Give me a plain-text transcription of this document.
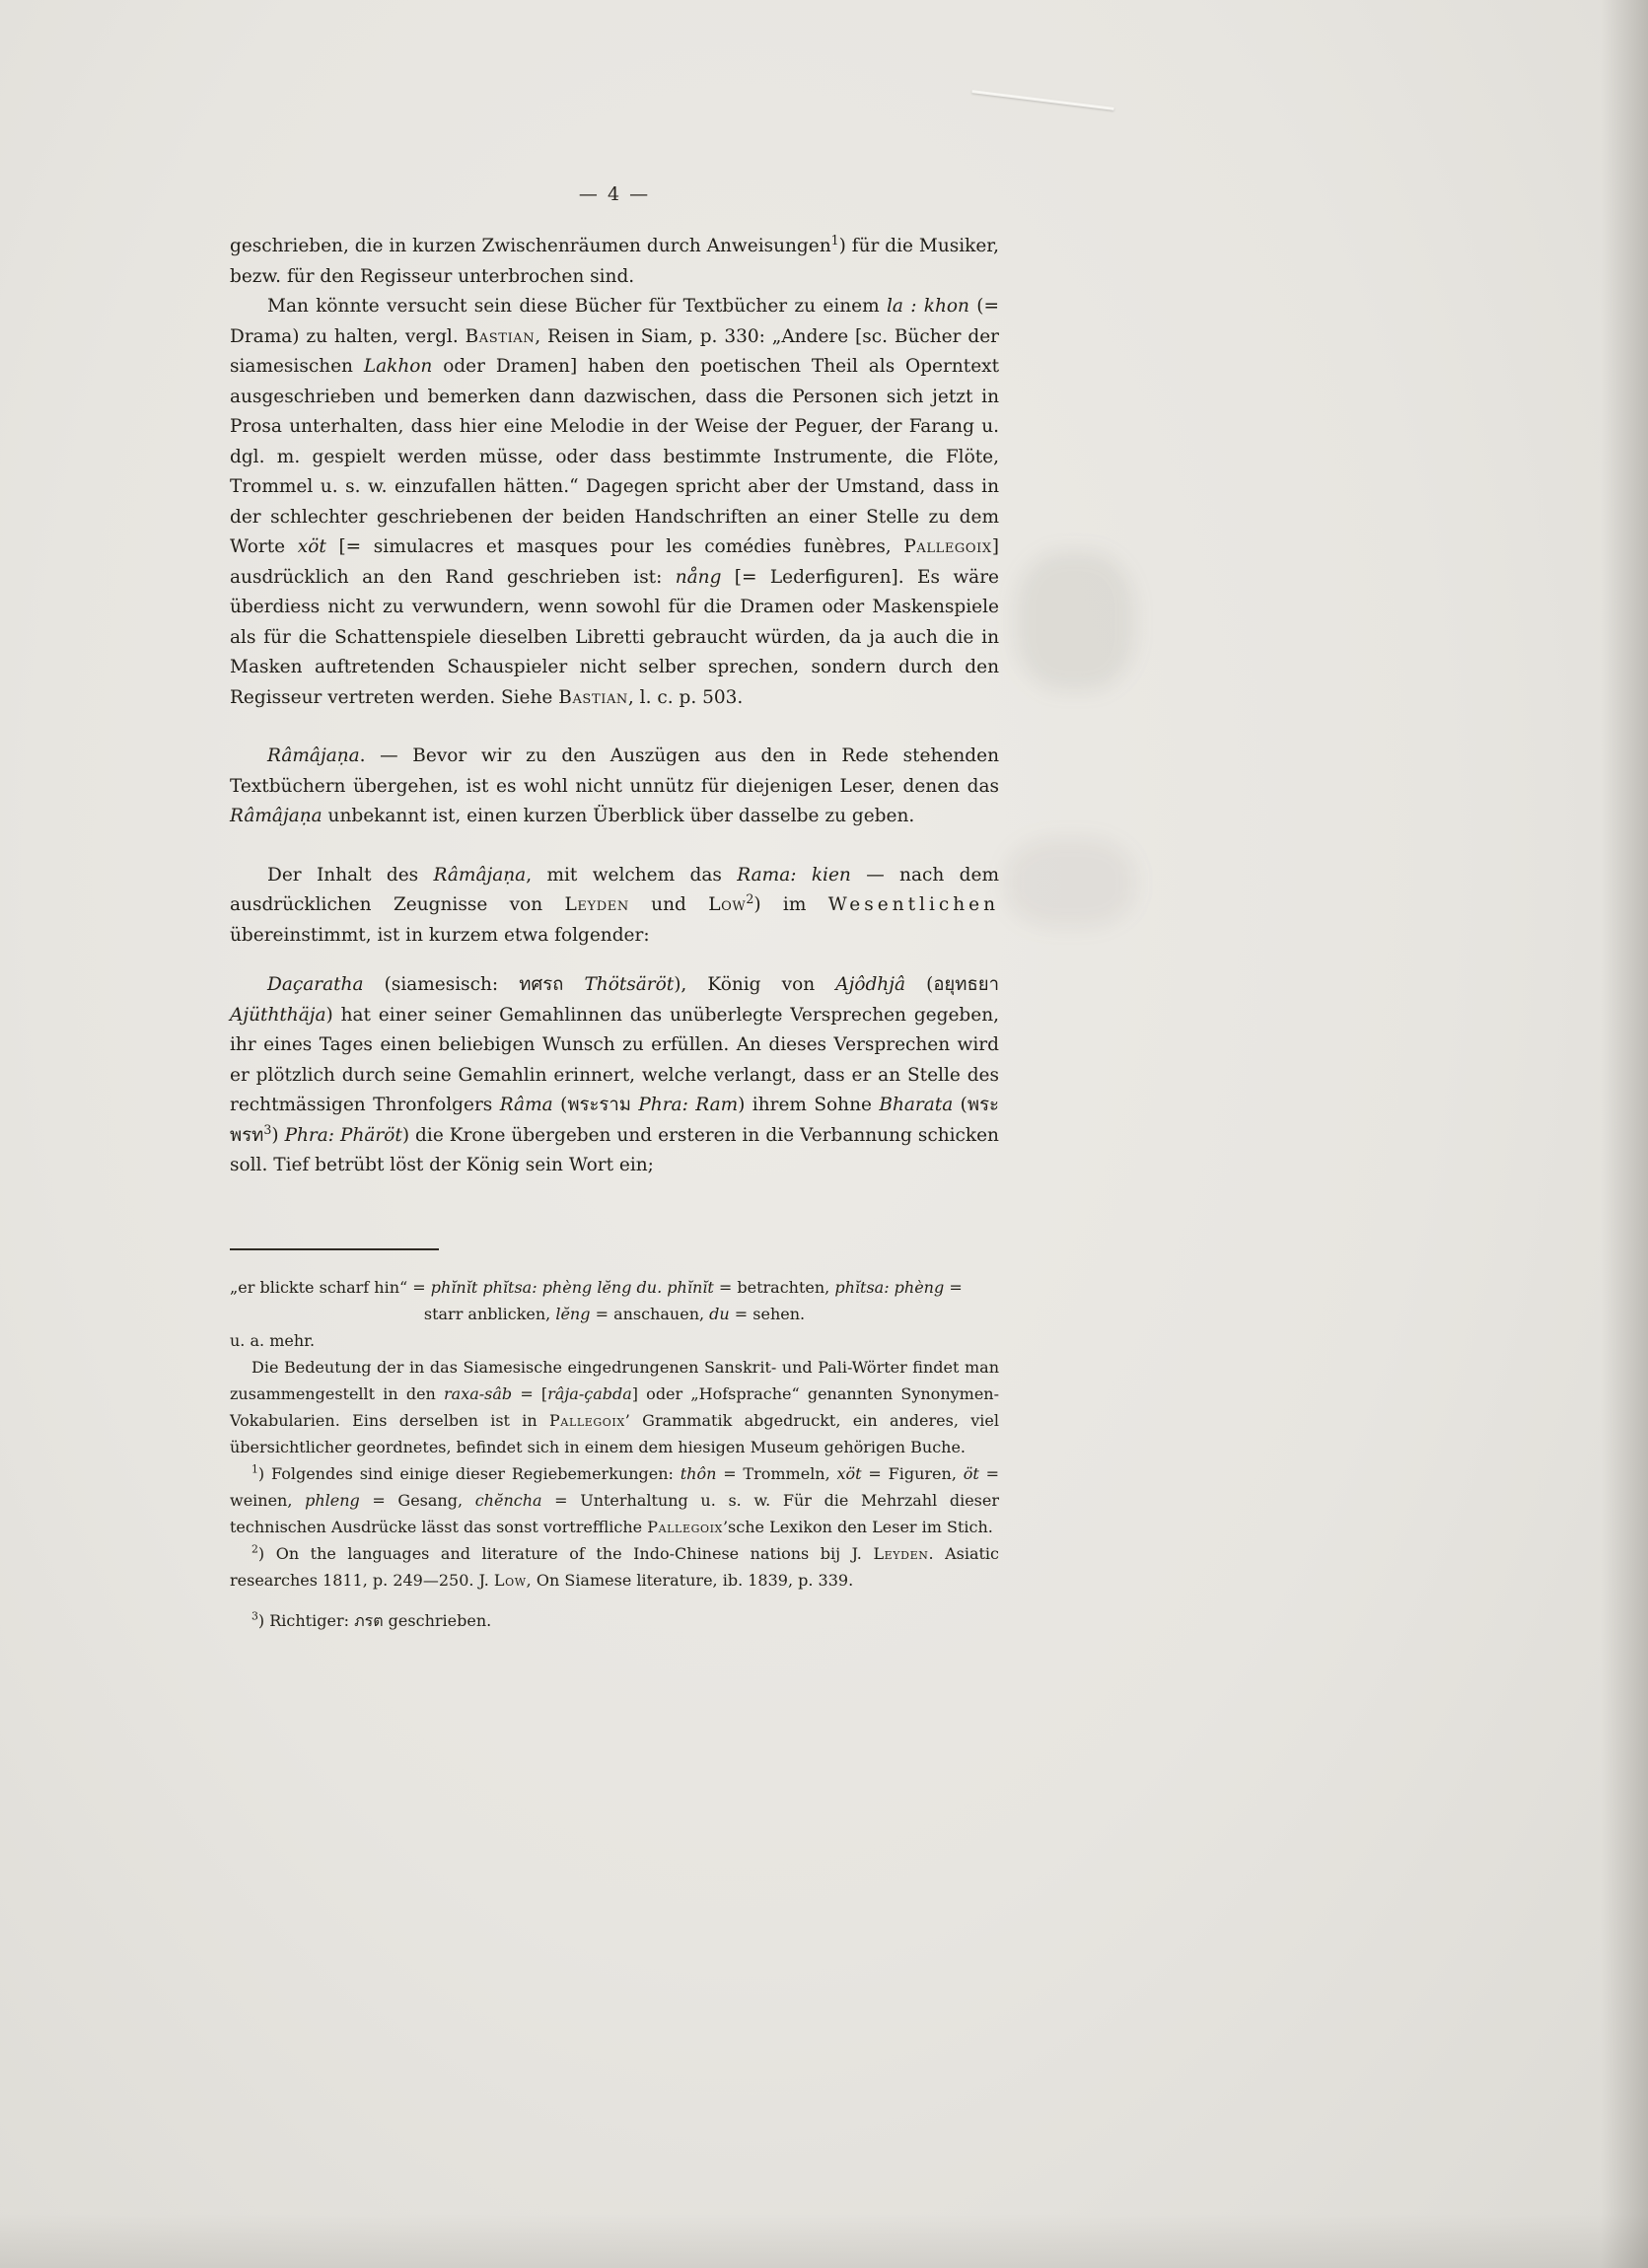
— 4 —

geschrieben, die in kurzen Zwischenräumen durch Anweisungen$^1$) für die Musiker, bezw. für den Regisseur unterbrochen sind.

Man könnte versucht sein diese Bücher für Textbücher zu einem la : khon (= Drama) zu halten, vergl. Bastian, Reisen in Siam, p. 330: „Andere [sc. Bücher der siamesischen Lakhon oder Dramen] haben den poetischen Theil als Operntext ausgeschrieben und bemerken dann dazwischen, dass die Personen sich jetzt in Prosa unterhalten, dass hier eine Melodie in der Weise der Peguer, der Farang u. dgl. m. gespielt werden müsse, oder dass bestimmte Instrumente, die Flöte, Trommel u. s. w. einzufallen hätten.“ Dagegen spricht aber der Umstand, dass in der schlechter geschriebenen der beiden Handschriften an einer Stelle zu dem Worte xöt [= simulacres et masques pour les comédies funèbres, Pallegoix] ausdrücklich an den Rand geschrieben ist: nång [= Lederfiguren]. Es wäre überdiess nicht zu verwundern, wenn sowohl für die Dramen oder Maskenspiele als für die Schattenspiele dieselben Libretti gebraucht würden, da ja auch die in Masken auftretenden Schauspieler nicht selber sprechen, sondern durch den Regisseur vertreten werden. Siehe Bastian, l. c. p. 503.

Râmâjaṇa. — Bevor wir zu den Auszügen aus den in Rede stehenden Textbüchern übergehen, ist es wohl nicht unnütz für diejenigen Leser, denen das Râmâjaṇa unbekannt ist, einen kurzen Überblick über dasselbe zu geben.

Der Inhalt des Râmâjaṇa, mit welchem das Rama: kien — nach dem ausdrücklichen Zeugnisse von Leyden und Low$^2$) im Wesentlichen übereinstimmt, ist in kurzem etwa folgender:

Daçaratha (siamesisch: ทศรถ Thötsäröt), König von Ajôdhjâ (อยุทธยา Ajüththäja) hat einer seiner Gemahlinnen das unüberlegte Versprechen gegeben, ihr eines Tages einen beliebigen Wunsch zu erfüllen. An dieses Versprechen wird er plötzlich durch seine Gemahlin erinnert, welche verlangt, dass er an Stelle des rechtmässigen Thronfolgers Râma (พระราม Phra: Ram) ihrem Sohne Bharata (พระพรท$^3$) Phra: Phäröt) die Krone übergeben und ersteren in die Verbannung schicken soll. Tief betrübt löst der König sein Wort ein;

„er blickte scharf hin“ = phĭnĭt phĭtsa: phèng lĕng du. phĭnĭt = betrachten, phĭtsa: phèng =

starr anblicken, lĕng = anschauen, du = sehen.

u. a. mehr.

Die Bedeutung der in das Siamesische eingedrungenen Sanskrit- und Pali-Wörter findet man zusammengestellt in den raxa-sâb = [râja-çabda] oder „Hofsprache“ genannten Synonymen-Vokabularien. Eins derselben ist in Pallegoix’ Grammatik abgedruckt, ein anderes, viel übersichtlicher geordnetes, befindet sich in einem dem hiesigen Museum gehörigen Buche.

$^1$) Folgendes sind einige dieser Regiebemerkungen: thôn = Trommeln, xöt = Figuren, öt = weinen, phleng = Gesang, chĕncha = Unterhaltung u. s. w. Für die Mehrzahl dieser technischen Ausdrücke lässt das sonst vortreffliche Pallegoix’sche Lexikon den Leser im Stich.

$^2$) On the languages and literature of the Indo-Chinese nations bij J. Leyden. Asiatic researches 1811, p. 249—250. J. Low, On Siamese literature, ib. 1839, p. 339.

$^3$) Richtiger: ภรต geschrieben.
